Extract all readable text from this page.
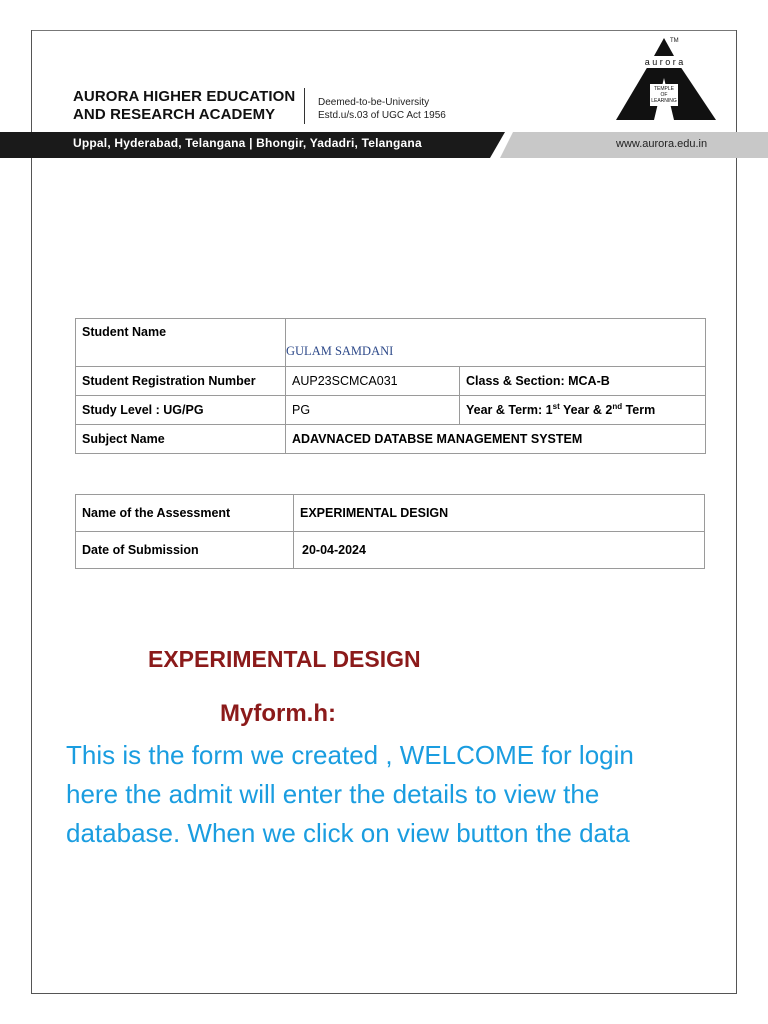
AURORA HIGHER EDUCATION
AND RESEARCH ACADEMY
Deemed-to-be-University
Estd.u/s.03 of UGC Act 1956
TM
a u r o r a
TEMPLE
OF
LEARNING
Uppal, Hyderabad, Telangana | Bhongir, Yadadri, Telangana	www.aurora.edu.in
Student Name	GULAM SAMDANI	
Student Registration Number	AUP23SCMCA031	Class & Section: MCA-B
Study Level : UG/PG	PG	Year & Term: 1st Year & 2nd Term
Subject Name	ADAVNACED DATABSE MANAGEMENT SYSTEM	
Name of the Assessment	EXPERIMENTAL DESIGN
Date of Submission	20-04-2024
EXPERIMENTAL DESIGN
Myform.h:
This is the form we created , WELCOME for login
here the admit will enter the details to view the
database. When we click on view button the data
